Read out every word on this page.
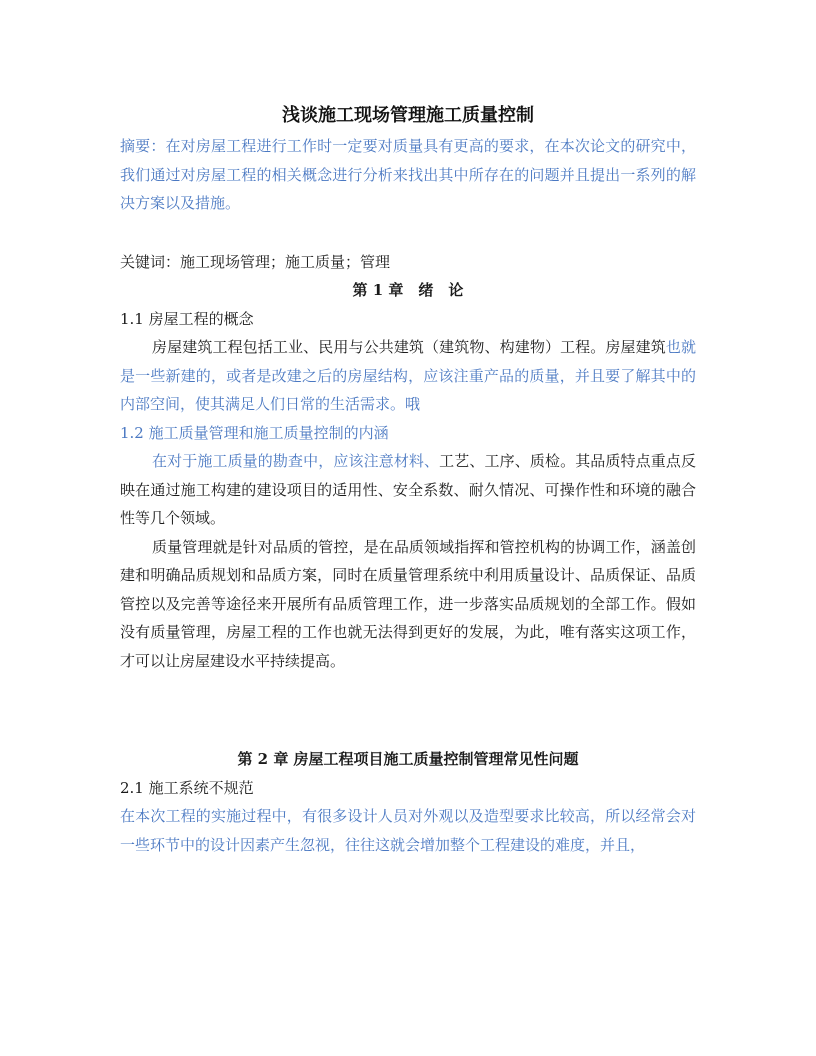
浅谈施工现场管理施工质量控制

摘要：在对房屋工程进行工作时一定要对质量具有更高的要求，在本次论文的研究中，我们通过对房屋工程的相关概念进行分析来找出其中所存在的问题并且提出一系列的解决方案以及措施。

关键词：施工现场管理；施工质量；管理

第 1 章　绪　论

1.1 房屋工程的概念

房屋建筑工程包括工业、民用与公共建筑（建筑物、构建物）工程。房屋建筑也就是一些新建的，或者是改建之后的房屋结构，应该注重产品的质量，并且要了解其中的内部空间，使其满足人们日常的生活需求。哦

1.2 施工质量管理和施工质量控制的内涵

在对于施工质量的勘查中，应该注意材料、工艺、工序、质检。其品质特点重点反映在通过施工构建的建设项目的适用性、安全系数、耐久情况、可操作性和环境的融合性等几个领域。

质量管理就是针对品质的管控，是在品质领域指挥和管控机构的协调工作，涵盖创建和明确品质规划和品质方案，同时在质量管理系统中利用质量设计、品质保证、品质管控以及完善等途径来开展所有品质管理工作，进一步落实品质规划的全部工作。假如没有质量管理，房屋工程的工作也就无法得到更好的发展，为此，唯有落实这项工作，才可以让房屋建设水平持续提高。

第 2 章 房屋工程项目施工质量控制管理常见性问题

2.1 施工系统不规范

在本次工程的实施过程中，有很多设计人员对外观以及造型要求比较高，所以经常会对一些环节中的设计因素产生忽视，往往这就会增加整个工程建设的难度，并且，
